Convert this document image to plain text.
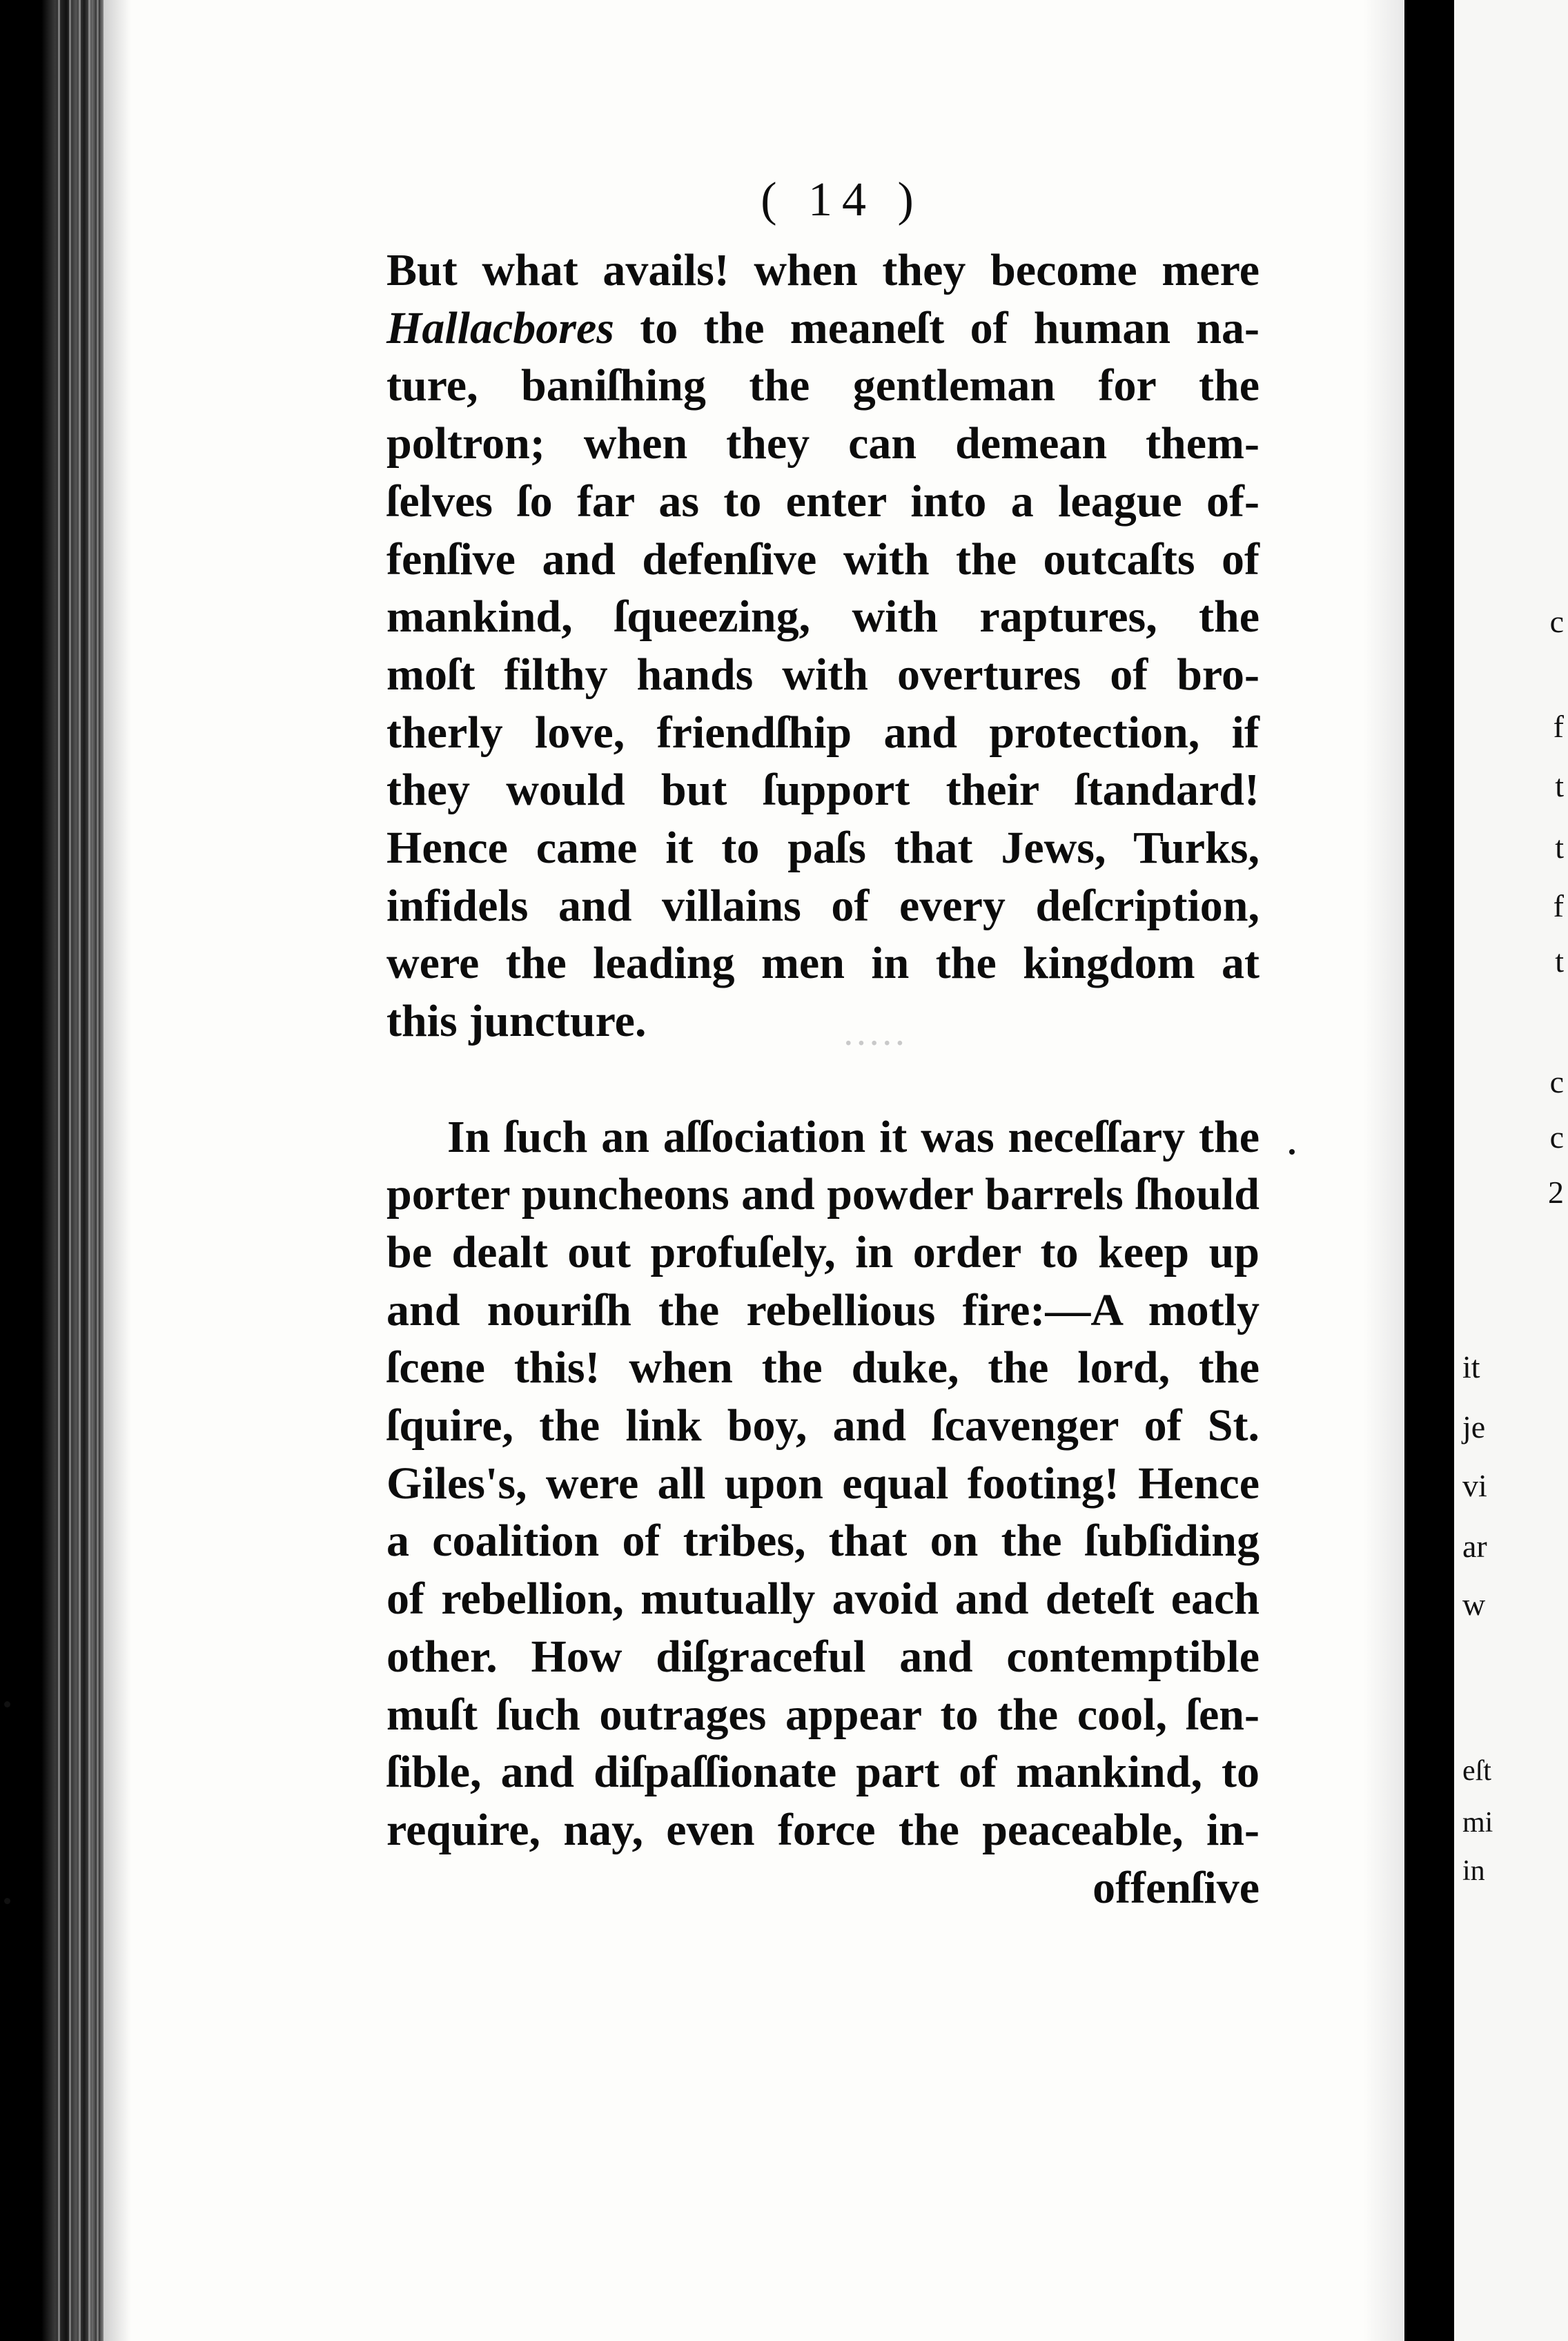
( 14 )
·····
But what avails! when they become mere
Hallacbores to the meaneſt of human na-
ture, baniſhing the gentleman for the
poltron; when they can demean them-
ſelves ſo far as to enter into a league of-
fenſive and defenſive with the outcaſts of
mankind, ſqueezing, with raptures, the
moſt filthy hands with overtures of bro-
therly love, friendſhip and protection, if
they would but ſupport their ſtandard!
Hence came it to paſs that Jews, Turks,
infidels and villains of every deſcription,
were the leading men in the kingdom at
this juncture.
In ſuch an aſſociation it was neceſſary the
porter puncheons and powder barrels ſhould
be dealt out profuſely, in order to keep up
and nouriſh the rebellious fire:—A motly
ſcene this! when the duke, the lord, the
ſquire, the link boy, and ſcavenger of St.
Giles's, were all upon equal footing! Hence
a coalition of tribes, that on the ſubſiding
of rebellion, mutually avoid and deteſt each
other. How diſgraceful and contemptible
muſt ſuch outrages appear to the cool, ſen-
ſible, and diſpaſſionate part of mankind, to
require, nay, even force the peaceable, in-
offenſive
c
f
t
t
f
t
c
c
2
it
je
vi
ar
w
eſt
mi
in
